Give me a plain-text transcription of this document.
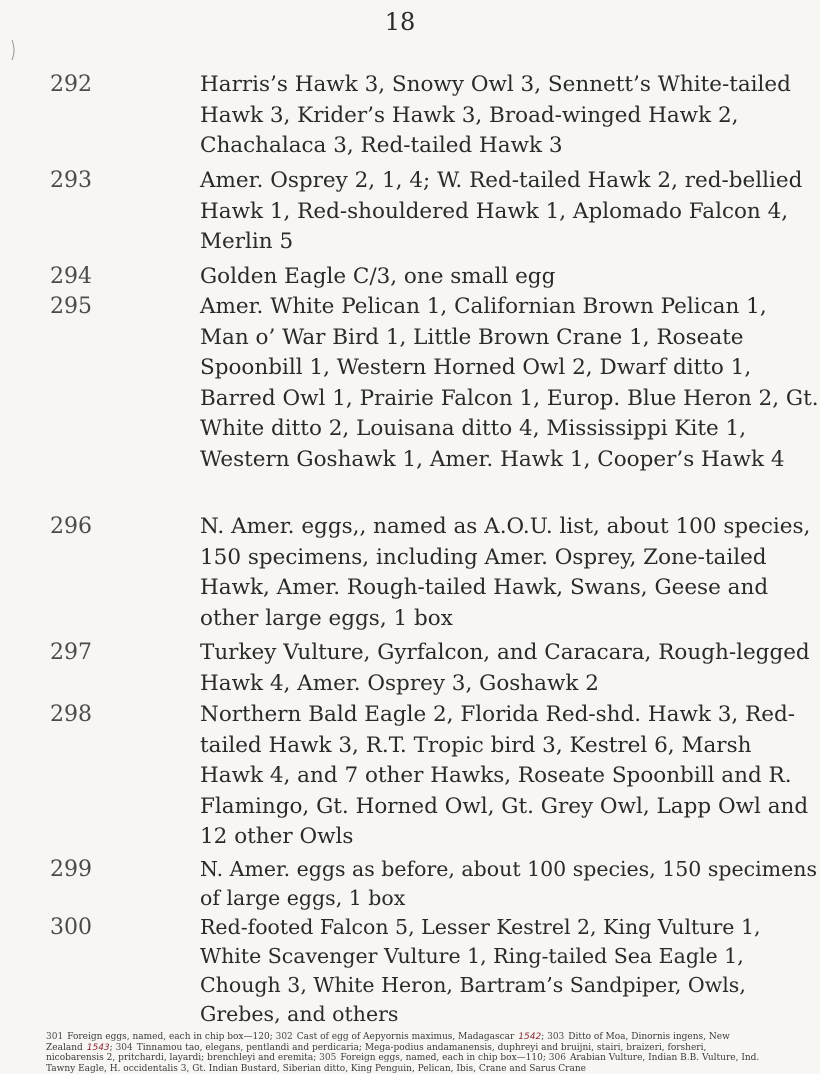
18
292	Harris’s Hawk 3, Snowy Owl 3, Sennett’s White-tailed Hawk 3, Krider’s Hawk 3, Broad-winged Hawk 2, Chachalaca 3, Red-tailed Hawk 3
293	Amer. Osprey 2, 1, 4; W. Red-tailed Hawk 2, red-bellied Hawk 1, Red-shouldered Hawk 1, Aplomado Falcon 4, Merlin 5
294	Golden Eagle C/3, one small egg
295	Amer. White Pelican 1, Californian Brown Pelican 1, Man o’ War Bird 1, Little Brown Crane 1, Roseate Spoonbill 1, Western Horned Owl 2, Dwarf ditto 1, Barred Owl 1, Prairie Falcon 1, Europ. Blue Heron 2, Gt. White ditto 2, Louisana ditto 4, Mississippi Kite 1, Western Goshawk 1, Amer. Hawk 1, Cooper’s Hawk 4
296	N. Amer. eggs,, named as A.O.U. list, about 100 species, 150 specimens, including Amer. Osprey, Zone-tailed Hawk, Amer. Rough-tailed Hawk, Swans, Geese and other large eggs, 1 box
297	Turkey Vulture, Gyrfalcon, and Caracara, Rough-legged Hawk 4, Amer. Osprey 3, Goshawk 2
298	Northern Bald Eagle 2, Florida Red-shd. Hawk 3, Red-tailed Hawk 3, R.T. Tropic bird 3, Kestrel 6, Marsh Hawk 4, and 7 other Hawks, Roseate Spoonbill and R. Flamingo, Gt. Horned Owl, Gt. Grey Owl, Lapp Owl and 12 other Owls
299	N. Amer. eggs as before, about 100 species, 150 specimens of large eggs, 1 box
300	Red-footed Falcon 5, Lesser Kestrel 2, King Vulture 1, White Scavenger Vulture 1, Ring-tailed Sea Eagle 1, Chough 3, White Heron, Bartram’s Sandpiper, Owls, Grebes, and others
301 Foreign eggs, named, each in chip box—120; 302 Cast of egg of Aepyornis maximus, Madagascar 1542; 303 Ditto of Moa, Dinornis ingens, New Zealand 1543; 304 Tinnamou tao, elegans, pentlandi and perdicaria; Mega-podius andamanensis, duphreyi and bruijni, stairi, braizeri, forsheri, nicobarensis 2, pritchardi, layardi; brenchleyi and eremita; 305 Foreign eggs, named, each in chip box—110; 306 Arabian Vulture, Indian B.B. Vulture, Ind. Tawny Eagle, H. occidentalis 3, Gt. Indian Bustard, Siberian ditto, King Penguin, Pelican, Ibis, Crane and Sarus Crane
